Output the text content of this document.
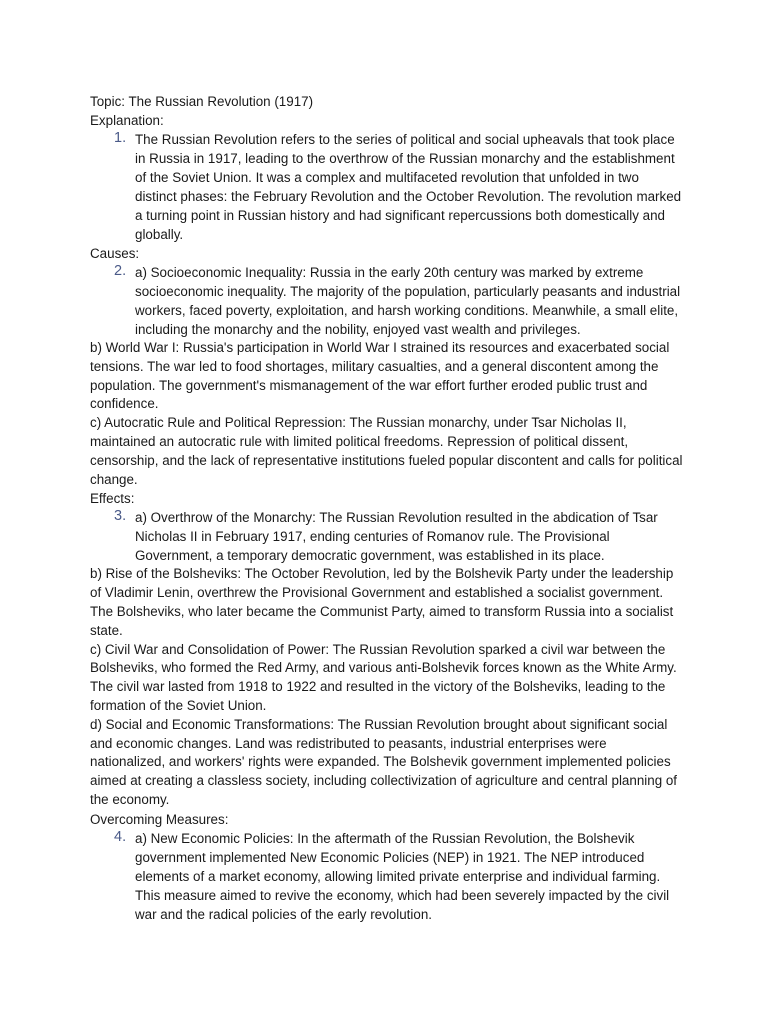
Topic: The Russian Revolution (1917)

Explanation:

1. The Russian Revolution refers to the series of political and social upheavals that took place in Russia in 1917, leading to the overthrow of the Russian monarchy and the establishment of the Soviet Union. It was a complex and multifaceted revolution that unfolded in two distinct phases: the February Revolution and the October Revolution. The revolution marked a turning point in Russian history and had significant repercussions both domestically and globally.

Causes:

2. a) Socioeconomic Inequality: Russia in the early 20th century was marked by extreme socioeconomic inequality. The majority of the population, particularly peasants and industrial workers, faced poverty, exploitation, and harsh working conditions. Meanwhile, a small elite, including the monarchy and the nobility, enjoyed vast wealth and privileges.

b) World War I: Russia's participation in World War I strained its resources and exacerbated social tensions. The war led to food shortages, military casualties, and a general discontent among the population. The government's mismanagement of the war effort further eroded public trust and confidence.

c) Autocratic Rule and Political Repression: The Russian monarchy, under Tsar Nicholas II, maintained an autocratic rule with limited political freedoms. Repression of political dissent, censorship, and the lack of representative institutions fueled popular discontent and calls for political change.

Effects:

3. a) Overthrow of the Monarchy: The Russian Revolution resulted in the abdication of Tsar Nicholas II in February 1917, ending centuries of Romanov rule. The Provisional Government, a temporary democratic government, was established in its place.

b) Rise of the Bolsheviks: The October Revolution, led by the Bolshevik Party under the leadership of Vladimir Lenin, overthrew the Provisional Government and established a socialist government. The Bolsheviks, who later became the Communist Party, aimed to transform Russia into a socialist state.

c) Civil War and Consolidation of Power: The Russian Revolution sparked a civil war between the Bolsheviks, who formed the Red Army, and various anti-Bolshevik forces known as the White Army. The civil war lasted from 1918 to 1922 and resulted in the victory of the Bolsheviks, leading to the formation of the Soviet Union.

d) Social and Economic Transformations: The Russian Revolution brought about significant social and economic changes. Land was redistributed to peasants, industrial enterprises were nationalized, and workers' rights were expanded. The Bolshevik government implemented policies aimed at creating a classless society, including collectivization of agriculture and central planning of the economy.

Overcoming Measures:

4. a) New Economic Policies: In the aftermath of the Russian Revolution, the Bolshevik government implemented New Economic Policies (NEP) in 1921. The NEP introduced elements of a market economy, allowing limited private enterprise and individual farming. This measure aimed to revive the economy, which had been severely impacted by the civil war and the radical policies of the early revolution.
